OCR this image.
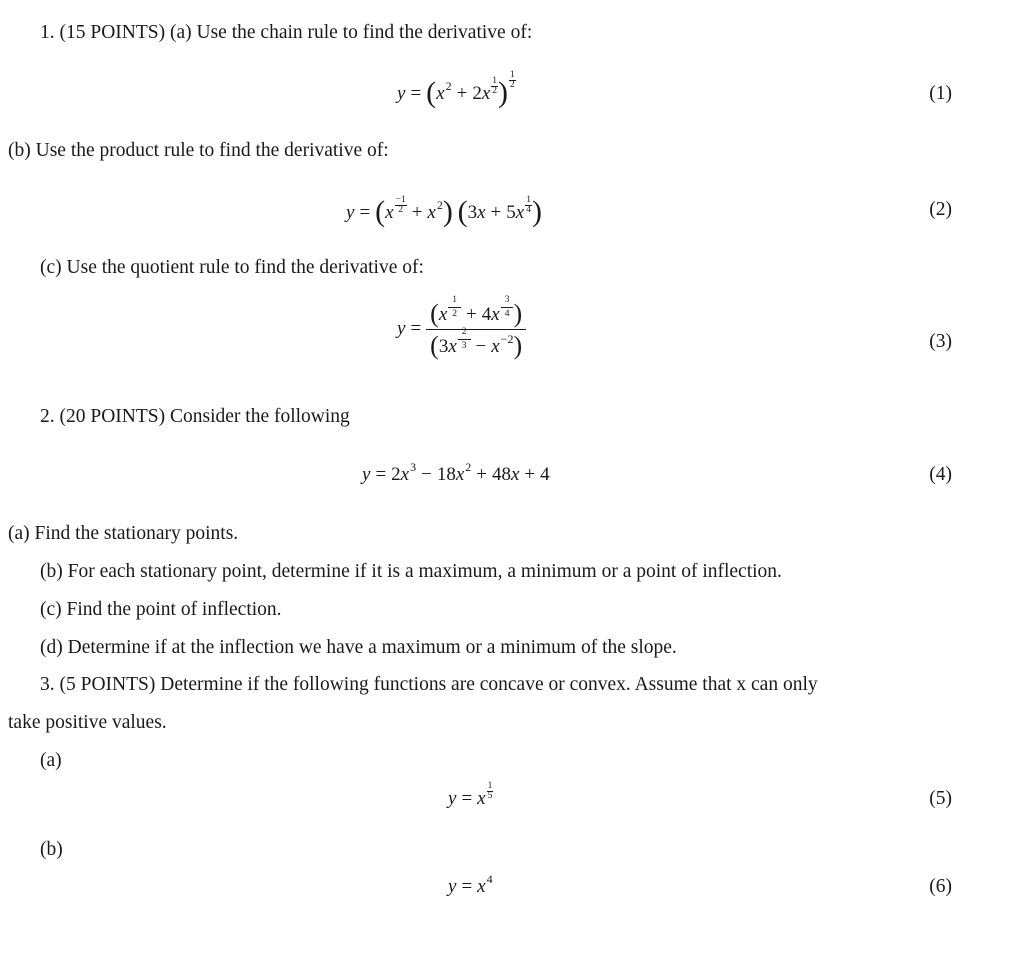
1. (15 POINTS) (a) Use the chain rule to find the derivative of:
$y = (x^2 + 2x \frac{1}{2}$ ) $\frac{1}{2}$
(1)
(b) Use the product rule to find the derivative of:
$y = (x \frac{-1}{2} + x^2)$ ($3x + 5x \frac{1}{4}$ )	(2)
(c) Use the quotient rule to find the derivative of:
$y = \frac{(x \frac{1}{2} + 4x \frac{3}{4} )}{(3x \frac{2}{3} - x^{-2})}$	(3)
2. (20 POINTS) Consider the following
$y = 2x^3 - 18x^2 + 48x + 4$	(4)
(a) Find the stationary points.
(b) For each stationary point, determine if it is a maximum, a minimum or a point of inflection.
(c) Find the point of inflection.
(d) Determine if at the inflection we have a maximum or a minimum of the slope.
3. (5 POINTS) Determine if the following functions are concave or convex. Assume that x can only
take positive values.
(a)
y = x $\frac{1}{5}$	(5)
(b)
$y = x^4$	(6)
